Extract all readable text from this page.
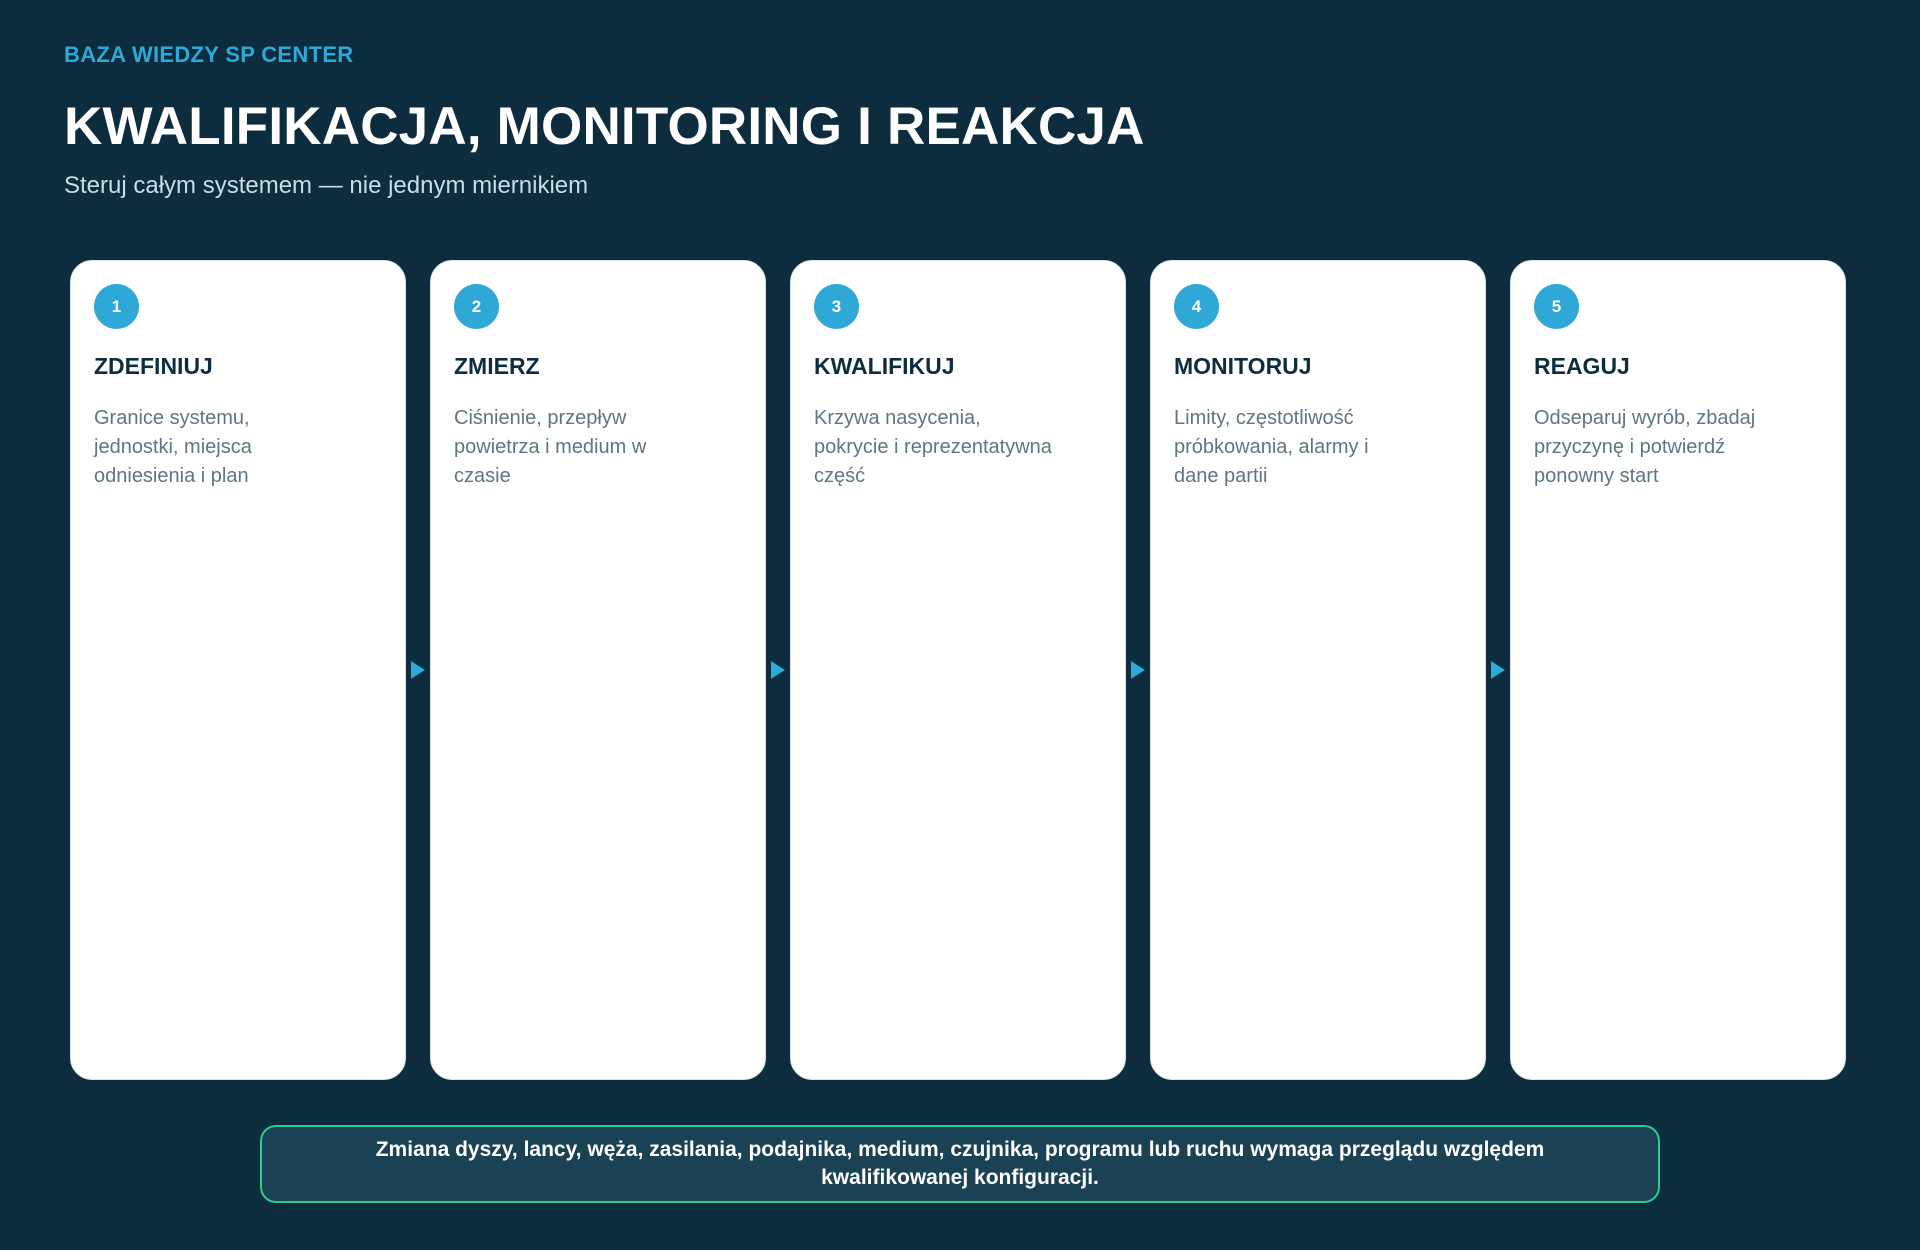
BAZA WIEDZY SP CENTER
KWALIFIKACJA, MONITORING I REAKCJA
Steruj całym systemem — nie jednym miernikiem
1
ZDEFINIUJ
Granice systemu, jednostki, miejsca odniesienia i plan
2
ZMIERZ
Ciśnienie, przepływ powietrza i medium w czasie
3
KWALIFIKUJ
Krzywa nasycenia, pokrycie i reprezentatywna część
4
MONITORUJ
Limity, częstotliwość próbkowania, alarmy i dane partii
5
REAGUJ
Odseparuj wyrób, zbadaj przyczynę i potwierdź ponowny start
Zmiana dyszy, lancy, węża, zasilania, podajnika, medium, czujnika, programu lub ruchu wymaga przeglądu względem kwalifikowanej konfiguracji.
